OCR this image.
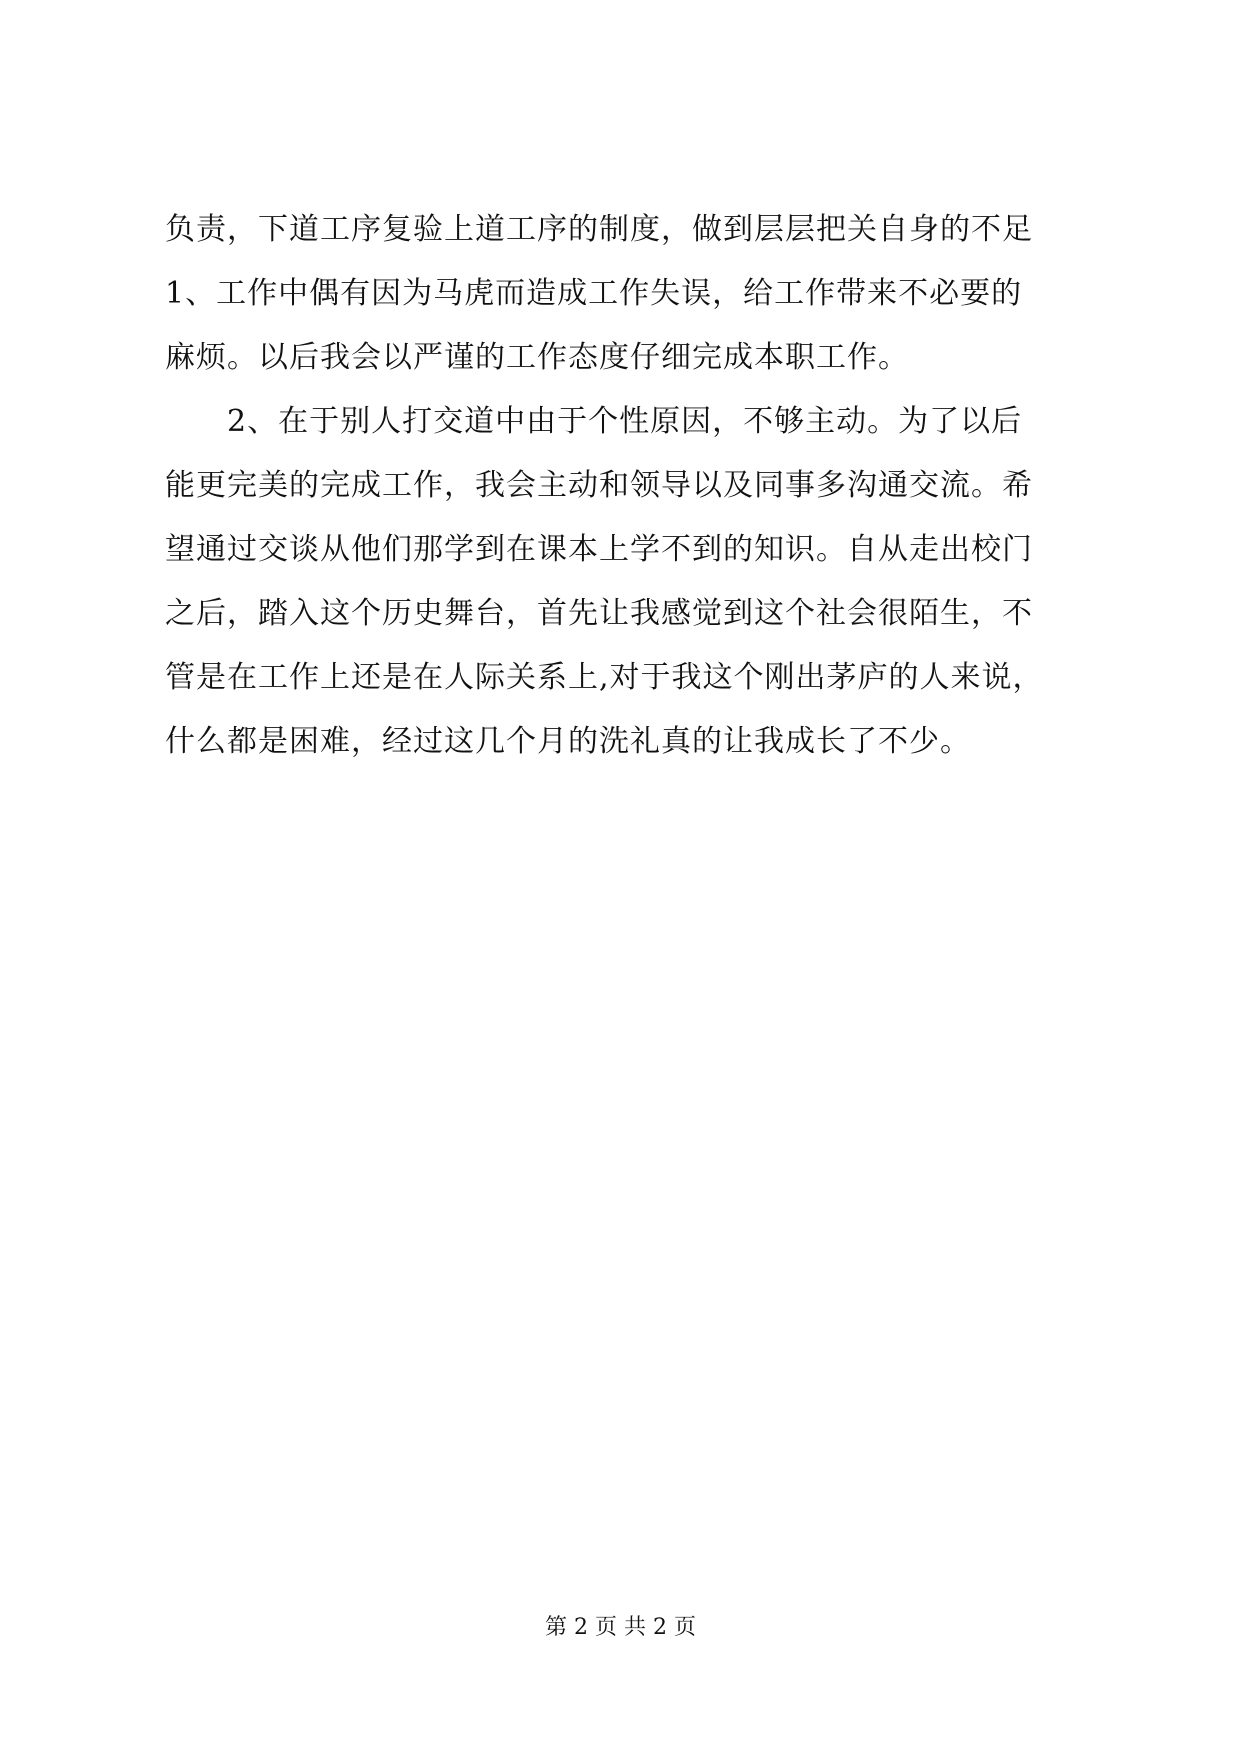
负责，下道工序复验上道工序的制度，做到层层把关自身的不足
1、工作中偶有因为马虎而造成工作失误，给工作带来不必要的
麻烦。以后我会以严谨的工作态度仔细完成本职工作。
2、在于别人打交道中由于个性原因，不够主动。为了以后
能更完美的完成工作，我会主动和领导以及同事多沟通交流。希
望通过交谈从他们那学到在课本上学不到的知识。自从走出校门
之后，踏入这个历史舞台，首先让我感觉到这个社会很陌生，不
管是在工作上还是在人际关系上,对于我这个刚出茅庐的人来说，
什么都是困难，经过这几个月的洗礼真的让我成长了不少。
第 2 页 共 2 页
